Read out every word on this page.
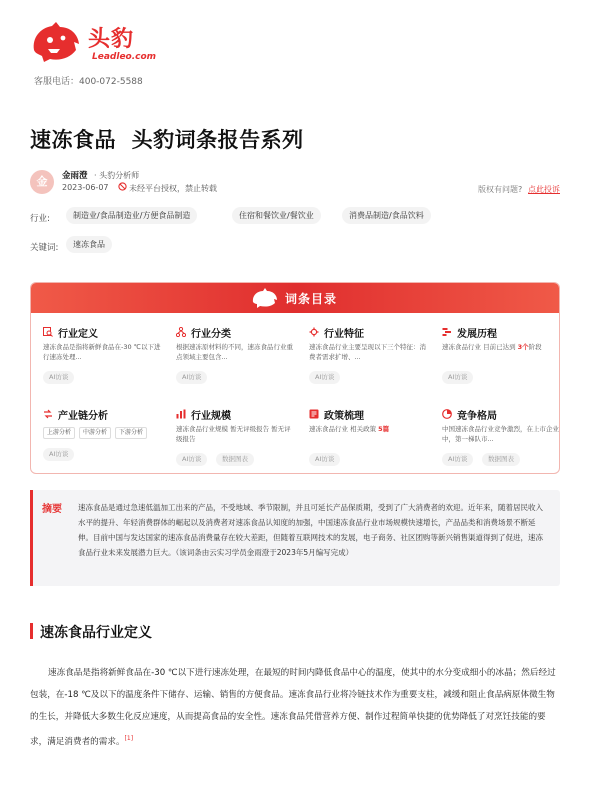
头豹
Leadleo.com
客服电话：400-072-5588
速冻食品  头豹词条报告系列
金	金雨澄 · 头豹分析师
2023-06-07	未经平台授权，禁止转载	版权有问题? 点此投诉
行业:	制造业/食品制造业/方便食品制造	住宿和餐饮业/餐饮业	消费品制造/食品饮料
关键词:	速冻食品
词条目录
行业定义
速冻食品是指将新鲜食品在-30 ℃以下进行速冻处理...
AI访谈
行业分类
根据速冻原材料的不同，速冻食品行业重点领域主要包含...
AI访谈
行业特征
速冻食品行业主要呈现以下三个特征：消费者需求扩增、...
AI访谈
发展历程
速冻食品行业 目前已达到 3个阶段
AI访谈
产业链分析
上游分析	中游分析	下游分析
AI访谈
行业规模
速冻食品行业规模 暂无评级报告 暂无评级报告
AI访谈	数据图表
政策梳理
速冻食品行业 相关政策 5篇
AI访谈
竞争格局
中国速冻食品行业竞争激烈，在上市企业中，第一梯队市...
AI访谈	数据图表
摘要 速冻食品是通过急速低温加工出来的产品，不受地域、季节限制，并且可延长产品保质期，受到了广大消费者的欢迎。近年来，随着居民收入水平的提升、年轻消费群体的崛起以及消费者对速冻食品认知度的加强，中国速冻食品行业市场规模快速增长，产品品类和消费场景不断延伸。目前中国与发达国家的速冻食品消费量存在较大差距，但随着互联网技术的发展，电子商务、社区团购等新兴销售渠道得到了促进，速冻食品行业未来发展潜力巨大。（该词条由云实习学员金雨澄于2023年5月编写完成）
速冻食品行业定义
速冻食品是指将新鲜食品在-30 ℃以下进行速冻处理，在最短的时间内降低食品中心的温度，使其中的水分变成细小的冰晶；然后经过包装，在-18 ℃及以下的温度条件下储存、运输、销售的方便食品。速冻食品行业将冷链技术作为重要支柱，减缓和阻止食品病原体微生物的生长，并降低大多数生化反应速度，从而提高食品的安全性。速冻食品凭借营养方便、制作过程简单快捷的优势降低了对烹饪技能的要求，满足消费者的需求。[1]
